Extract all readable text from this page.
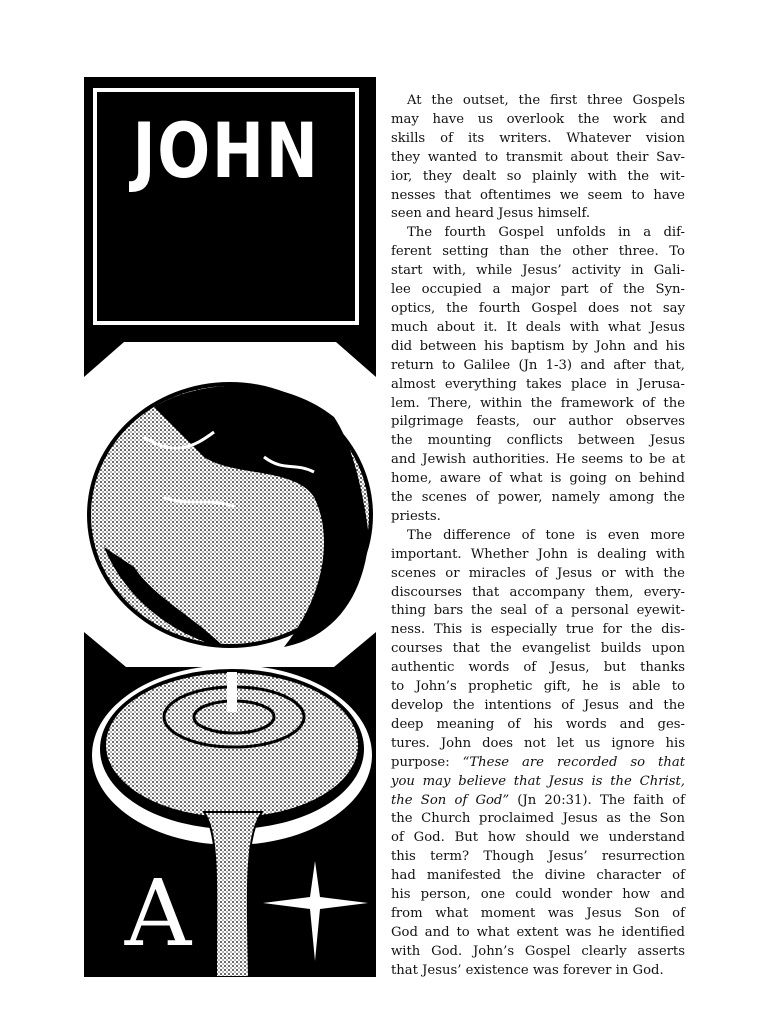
A
JOHN
At the outset, the first three Gospels
may have us overlook the work and
skills of its writers. Whatever vision
they wanted to transmit about their Sav-
ior, they dealt so plainly with the wit-
nesses that oftentimes we seem to have
seen and heard Jesus himself.
The fourth Gospel unfolds in a dif-
ferent setting than the other three. To
start with, while Jesus’ activity in Gali-
lee occupied a major part of the Syn-
optics, the fourth Gospel does not say
much about it. It deals with what Jesus
did between his baptism by John and his
return to Galilee (Jn 1-3) and after that,
almost everything takes place in Jerusa-
lem. There, within the framework of the
pilgrimage feasts, our author observes
the mounting conflicts between Jesus
and Jewish authorities. He seems to be at
home, aware of what is going on behind
the scenes of power, namely among the
priests.
The difference of tone is even more
important. Whether John is dealing with
scenes or miracles of Jesus or with the
discourses that accompany them, every-
thing bars the seal of a personal eyewit-
ness. This is especially true for the dis-
courses that the evangelist builds upon
authentic words of Jesus, but thanks
to John’s prophetic gift, he is able to
develop the intentions of Jesus and the
deep meaning of his words and ges-
tures. John does not let us ignore his
purpose: “These are recorded so that
you may believe that Jesus is the Christ,
the Son of God” (Jn 20:31). The faith of
the Church proclaimed Jesus as the Son
of God. But how should we understand
this term? Though Jesus’ resurrection
had manifested the divine character of
his person, one could wonder how and
from what moment was Jesus Son of
God and to what extent was he identified
with God. John’s Gospel clearly asserts
that Jesus’ existence was forever in God.
